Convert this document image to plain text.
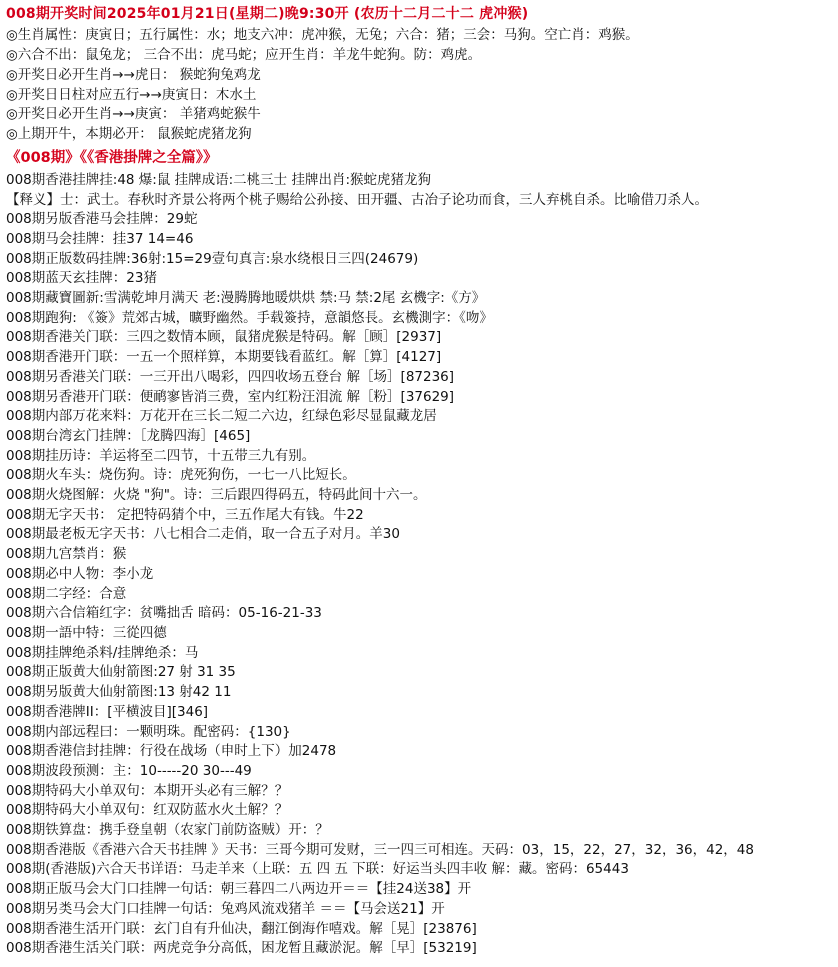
008期开奖时间2025年01月21日(星期二)晚9:30开 (农历十二月二十二 虎冲猴)
◎生肖属性：庚寅日；五行属性：水；地支六冲：虎冲猴，无兔；六合：猪；三会：马狗。空亡肖：鸡猴。
◎六合不出：鼠兔龙； 三合不出：虎马蛇；应开生肖：羊龙牛蛇狗。防：鸡虎。
◎开奖日必开生肖→→虎日： 猴蛇狗兔鸡龙
◎开奖日日柱对应五行→→庚寅日：木水土
◎开奖日必开生肖→→庚寅： 羊猪鸡蛇猴牛
◎上期开牛，本期必开： 鼠猴蛇虎猪龙狗
《008期》《《香港掛牌之全篇》》
008期香港挂牌挂:48 爆:鼠 挂牌成语:二桃三士 挂牌出肖:猴蛇虎猪龙狗
【释义】士：武士。春秋时齐景公将两个桃子赐给公孙接、田开疆、古冶子论功而食，三人弃桃自杀。比喻借刀杀人。
008期另版香港马会挂牌：29蛇
008期马会挂牌：挂37 14=46
008期正版数码挂牌:36射:15=29壹句真言:泉水绕根日三四(24679)
008期蓝天玄挂牌：23猪
008期藏寶圖新:雪满乾坤月满天 老:漫腾腾地暖烘烘 禁:马 禁:2尾 玄機字:《方》
008期跑狗: 《簽》荒郊古城，曠野幽然。手载簽持，意韻悠長。玄機測字：《吻》
008期香港关门联：三四之数情本顾，鼠猪虎猴是特码。解［顾］[2937]
008期香港开门联：一五一个照样算，本期要钱看蓝红。解［算］[4127]
008期另香港关门联：一三开出八喝彩，四四收场五登台 解［场］[87236]
008期另香港开门联：便鸸寥皆消三费，室内红粉汪泪流 解［粉］[37629]
008期内部万花来料：万花开在三长二短二六边，红绿色彩尽显鼠藏龙居
008期台湾玄门挂牌：［龙腾四海］[465]
008期挂历诗：羊运将至二四节，十五带三九有别。
008期火车头：烧伤狗。诗：虎死狗伤，一七一八比短长。
008期火烧图解：火烧 "狗"。诗：三后跟四得码五，特码此间十六一。
008期无字天书： 定把特码猜个中，三五作尾大有钱。牛22
008期最老板无字天书：八七相合二走俏，取一合五子对月。羊30
008期九宫禁肖：猴
008期必中人物：李小龙
008期二字经：合意
008期六合信箱红字：贫嘴拙舌 暗码：05-16-21-33
008期一語中特：三從四德
008期挂牌绝杀料/挂牌绝杀：马
008期正版黄大仙射箭图:27 射 31 35
008期另版黄大仙射箭图:13 射42 11
008期香港牌II：[平横波目][346]
008期内部远程曰：一颗明珠。配密码：{130}
008期香港信封挂牌：行役在战场（申时上下）加2478
008期波段预测：主：10-----20 30---49
008期特码大小单双句：本期开头必有三解？？
008期特码大小单双句：红双防蓝水火土解？？
008期铁算盘：携手登皇朝（农家门前防盗贼）开：？
008期香港版《香港六合天书挂牌 》天书：三哥今期可发财，三一四三可相连。天码：03，15，22，27，32，36，42，48
008期(香港版)六合天书详语：马走羊来（上联：五 四 五 下联：好运当头四丰收 解：藏。密码：65443
008期正版马会大门口挂牌一句话：朝三暮四二八两边开＝＝【挂24送38】开
008期另类马会大门口挂牌一句话：兔鸡风流戏猪羊 ＝＝【马会送21】开
008期香港生活开门联：玄门自有升仙决，翻江倒海作嘻戏。解［晃］[23876]
008期香港生活关门联：两虎竞争分高低，困龙暂且藏淤泥。解［早］[53219]
